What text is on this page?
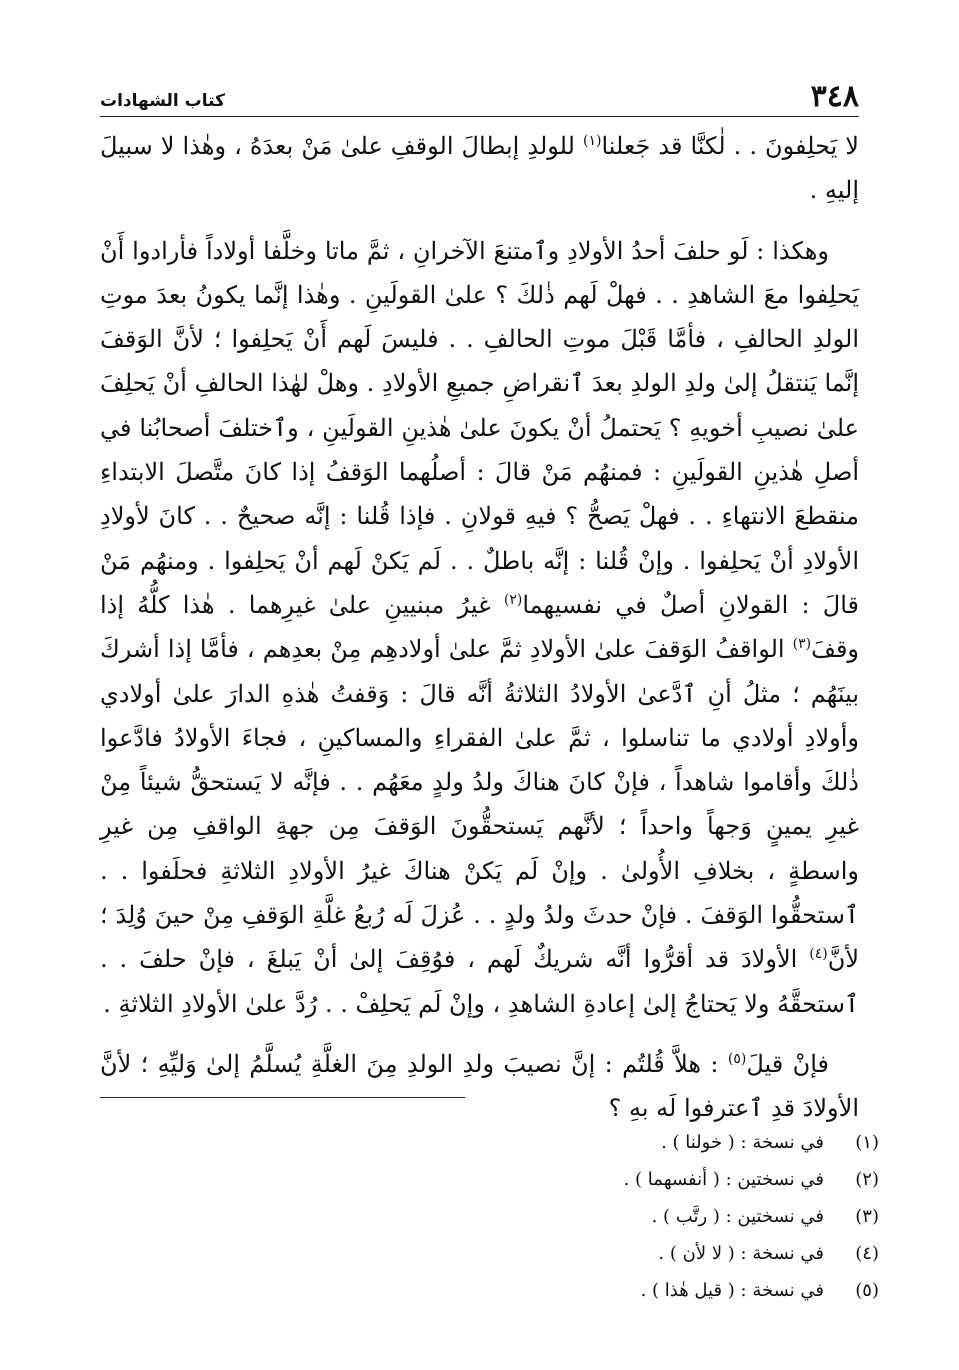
٣٤٨
كتاب الشهادات

لا يَحلِفونَ . . لٰكنَّا قد جَعلنا$^{(١)}$ للولدِ إبطالَ الوقفِ علىٰ مَنْ بعدَهُ ، وهٰذا لا سبيلَ إليهِ .

وهكذا : لَو حلفَ أحدُ الأولادِ وٱمتنعَ الآخرانِ ، ثمَّ ماتا وخلَّفا أولاداً فأرادوا أَنْ يَحلِفوا معَ الشاهدِ . . فهلْ لَهم ذٰلكَ ؟ علىٰ القولَينِ . وهٰذا إنَّما يكونُ بعدَ موتِ الولدِ الحالفِ ، فأمَّا قَبْلَ موتِ الحالفِ . . فليسَ لَهم أَنْ يَحلِفوا ؛ لأنَّ الوَقفَ إنَّما يَنتقلُ إلىٰ ولدِ الولدِ بعدَ ٱنقراضِ جميعِ الأولادِ . وهلْ لهٰذا الحالفِ أنْ يَحلِفَ علىٰ نصيبِ أخويهِ ؟ يَحتملُ أنْ يكونَ علىٰ هٰذينِ القولَينِ ، وٱختلفَ أصحابُنا في أصلِ هٰذينِ القولَينِ : فمنهُم مَنْ قالَ : أصلُهما الوَقفُ إذا كانَ متَّصلَ الابتداءِ منقطعَ الانتهاءِ . . فهلْ يَصحُّ ؟ فيهِ قولانِ . فإذا قُلنا : إنَّه صحيحٌ . . كانَ لأولادِ الأولادِ أنْ يَحلِفوا . وإنْ قُلنا : إنَّه باطلٌ . . لَم يَكنْ لَهم أنْ يَحلِفوا . ومنهُم مَنْ قالَ : القولانِ أصلٌ في نفسيهما$^{(٢)}$ غيرُ مبنيينِ علىٰ غيرِهما . هٰذا كلُّهُ إذا وقفَ$^{(٣)}$ الواقفُ الوَقفَ علىٰ الأولادِ ثمَّ علىٰ أولادهِم مِنْ بعدِهم ، فأمَّا إذا أشركَ بينَهُم ؛ مثلُ أنِ ٱدَّعىٰ الأولادُ الثلاثةُ أنَّه قالَ : وَقفتُ هٰذهِ الدارَ علىٰ أولادي وأولادِ أولادي ما تناسلوا ، ثمَّ علىٰ الفقراءِ والمساكينِ ، فجاءَ الأولادُ فادَّعوا ذٰلكَ وأقاموا شاهداً ، فإنْ كانَ هناكَ ولدُ ولدٍ معَهُم . . فإنَّه لا يَستحقُّ شيئاً مِنْ غيرِ يمينٍ وَجهاً واحداً ؛ لأنَّهم يَستحقُّونَ الوَقفَ مِن جهةِ الواقفِ مِن غيرِ واسطةٍ ، بخلافِ الأُولىٰ . وإنْ لَم يَكنْ هناكَ غيرُ الأولادِ الثلاثةِ فحلَفوا . . ٱستحقُّوا الوَقفَ . فإنْ حدثَ ولدُ ولدٍ . . عُزلَ لَه رُبعُ غلَّةِ الوَقفِ مِنْ حينَ وُلِدَ ؛ لأنَّ$^{(٤)}$ الأولادَ قد أقرُّوا أنَّه شريكٌ لَهم ، فوُقِفَ إلىٰ أنْ يَبلغَ ، فإنْ حلفَ . . ٱستحقَّهُ ولا يَحتاجُ إلىٰ إعادةِ الشاهدِ ، وإنْ لَم يَحلِفْ . . رُدَّ علىٰ الأولادِ الثلاثةِ .

فإنْ قيلَ$^{(٥)}$ : هلاَّ قُلتُم : إنَّ نصيبَ ولدِ الولدِ مِنَ الغلَّةِ يُسلَّمُ إلىٰ وَليِّهِ ؛ لأنَّ الأولادَ قدِ ٱعترفوا لَه بهِ ؟

(١)
في نسخة : ( خولنا ) .
(٢)
في نسختين : ( أنفسهما ) .
(٣)
في نسختين : ( رتَّب ) .
(٤)
في نسخة : ( لا لأن ) .
(٥)
في نسخة : ( قيل هٰذا ) .
